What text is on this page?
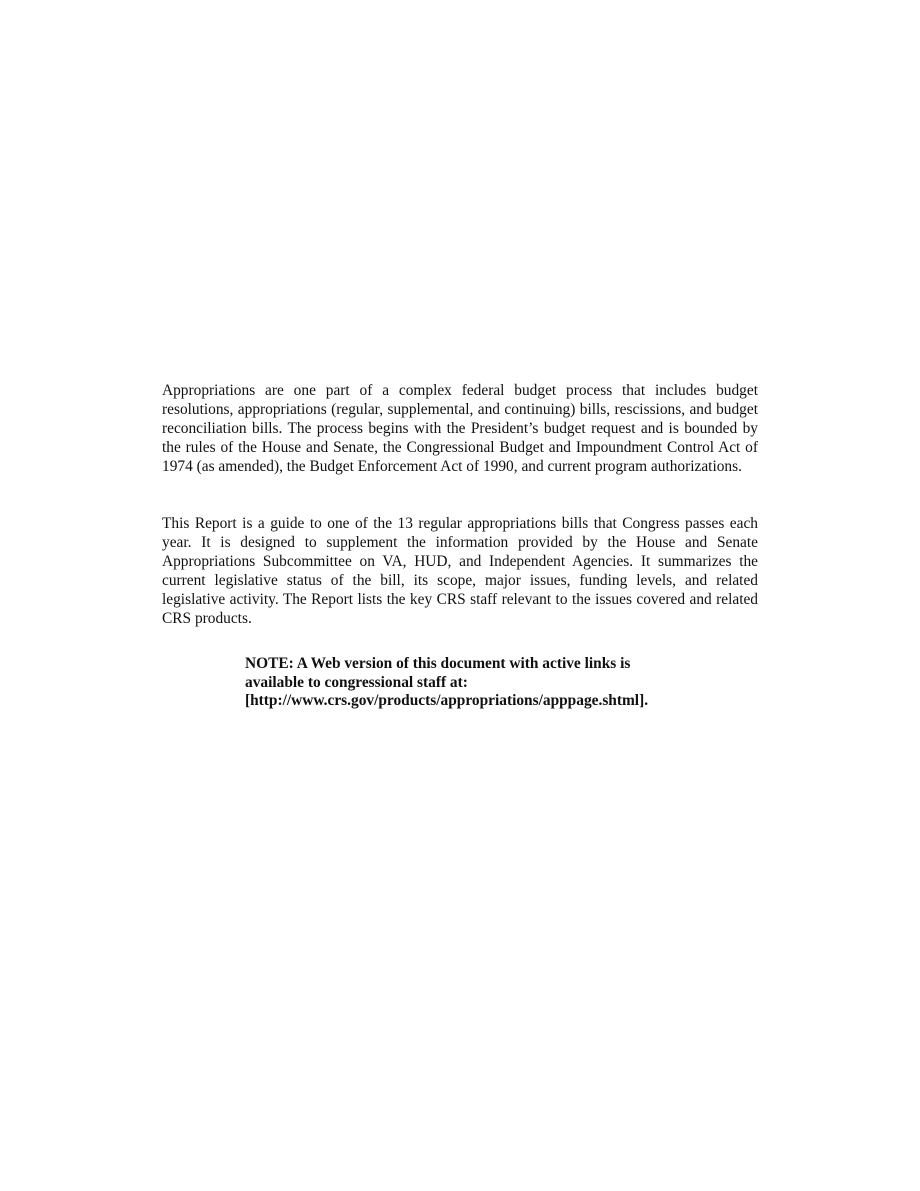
Appropriations are one part of a complex federal budget process that includes budget resolutions, appropriations (regular, supplemental, and continuing) bills, rescissions, and budget reconciliation bills. The process begins with the President’s budget request and is bounded by the rules of the House and Senate, the Congressional Budget and Impoundment Control Act of 1974 (as amended), the Budget Enforcement Act of 1990, and current program authorizations.

This Report is a guide to one of the 13 regular appropriations bills that Congress passes each year. It is designed to supplement the information provided by the House and Senate Appropriations Subcommittee on VA, HUD, and Independent Agencies. It summarizes the current legislative status of the bill, its scope, major issues, funding levels, and related legislative activity. The Report lists the key CRS staff relevant to the issues covered and related CRS products.

NOTE: A Web version of this document with active links is
available to congressional staff at:
[http://www.crs.gov/products/appropriations/apppage.shtml].
